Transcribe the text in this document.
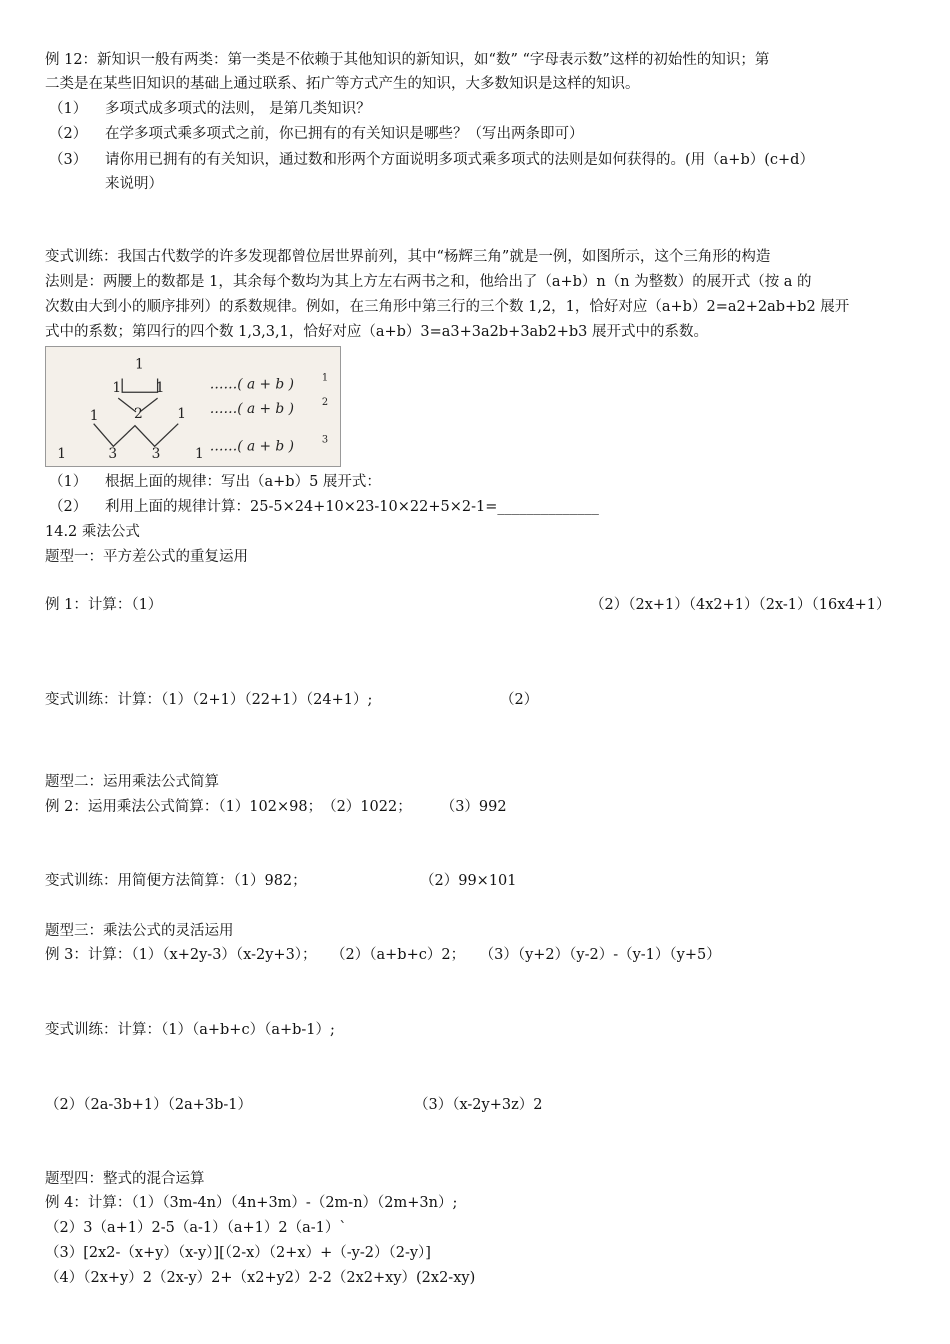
例 12：新知识一般有两类：第一类是不依赖于其他知识的新知识，如“数” “字母表示数”这样的初始性的知识；第
二类是在某些旧知识的基础上通过联系、拓广等方式产生的知识，大多数知识是这样的知识。
（1） 多项式成多项式的法则， 是第几类知识？
（2） 在学多项式乘多项式之前，你已拥有的有关知识是哪些？（写出两条即可）
（3） 请你用已拥有的有关知识，通过数和形两个方面说明多项式乘多项式的法则是如何获得的。(用（a+b）(c+d）
来说明）
变式训练：我国古代数学的许多发现都曾位居世界前列，其中“杨辉三角”就是一例，如图所示，这个三角形的构造
法则是：两腰上的数都是 1，其余每个数均为其上方左右两书之和，他给出了（a+b）n（n 为整数）的展开式（按 a 的
次数由大到小的顺序排列）的系数规律。例如，在三角形中第三行的三个数 1,2，1，恰好对应（a+b）2=a2+2ab+b2 展开
式中的系数；第四行的四个数 1,3,3,1，恰好对应（a+b）3=a3+3a2b+3ab2+b3 展开式中的系数。
1
1 1
1	2 1
1	3 3 1
……( a + b )	1
……( a + b )	2
……( a + b )	3
（1） 根据上面的规律：写出（a+b）5 展开式：
（2） 利用上面的规律计算：25-5×24+10×23-10×22+5×2-1=______________
14.2 乘法公式
题型一：平方差公式的重复运用
例 1：计算：（1）	（2）（2x+1）（4x2+1）（2x-1）（16x4+1）
变式训练：计算：（1）（2+1）（22+1）（24+1）;	（2）
题型二：运用乘法公式简算
例 2：运用乘法公式简算：（1）102×98；　（2）1022；　　　（3）992
变式训练：用简便方法简算：（1）982；	（2）99×101
题型三：乘法公式的灵活运用
例 3：计算：（1）（x+2y-3）（x-2y+3）；　　（2）（a+b+c）2；　　（3）（y+2）（y-2）-（y-1）（y+5）
变式训练：计算：（1）（a+b+c）（a+b-1）;
（2）（2a-3b+1）（2a+3b-1）	（3）（x-2y+3z）2
题型四：整式的混合运算
例 4：计算：（1）（3m-4n）（4n+3m）-（2m-n）（2m+3n）;
（2）3（a+1）2-5（a-1）（a+1）2（a-1）`
（3）[2x2-（x+y）（x-y）][（2-x）（2+x）+（-y-2）（2-y）]
（4）（2x+y）2（2x-y）2+（x2+y2）2-2（2x2+xy）(2x2-xy)
